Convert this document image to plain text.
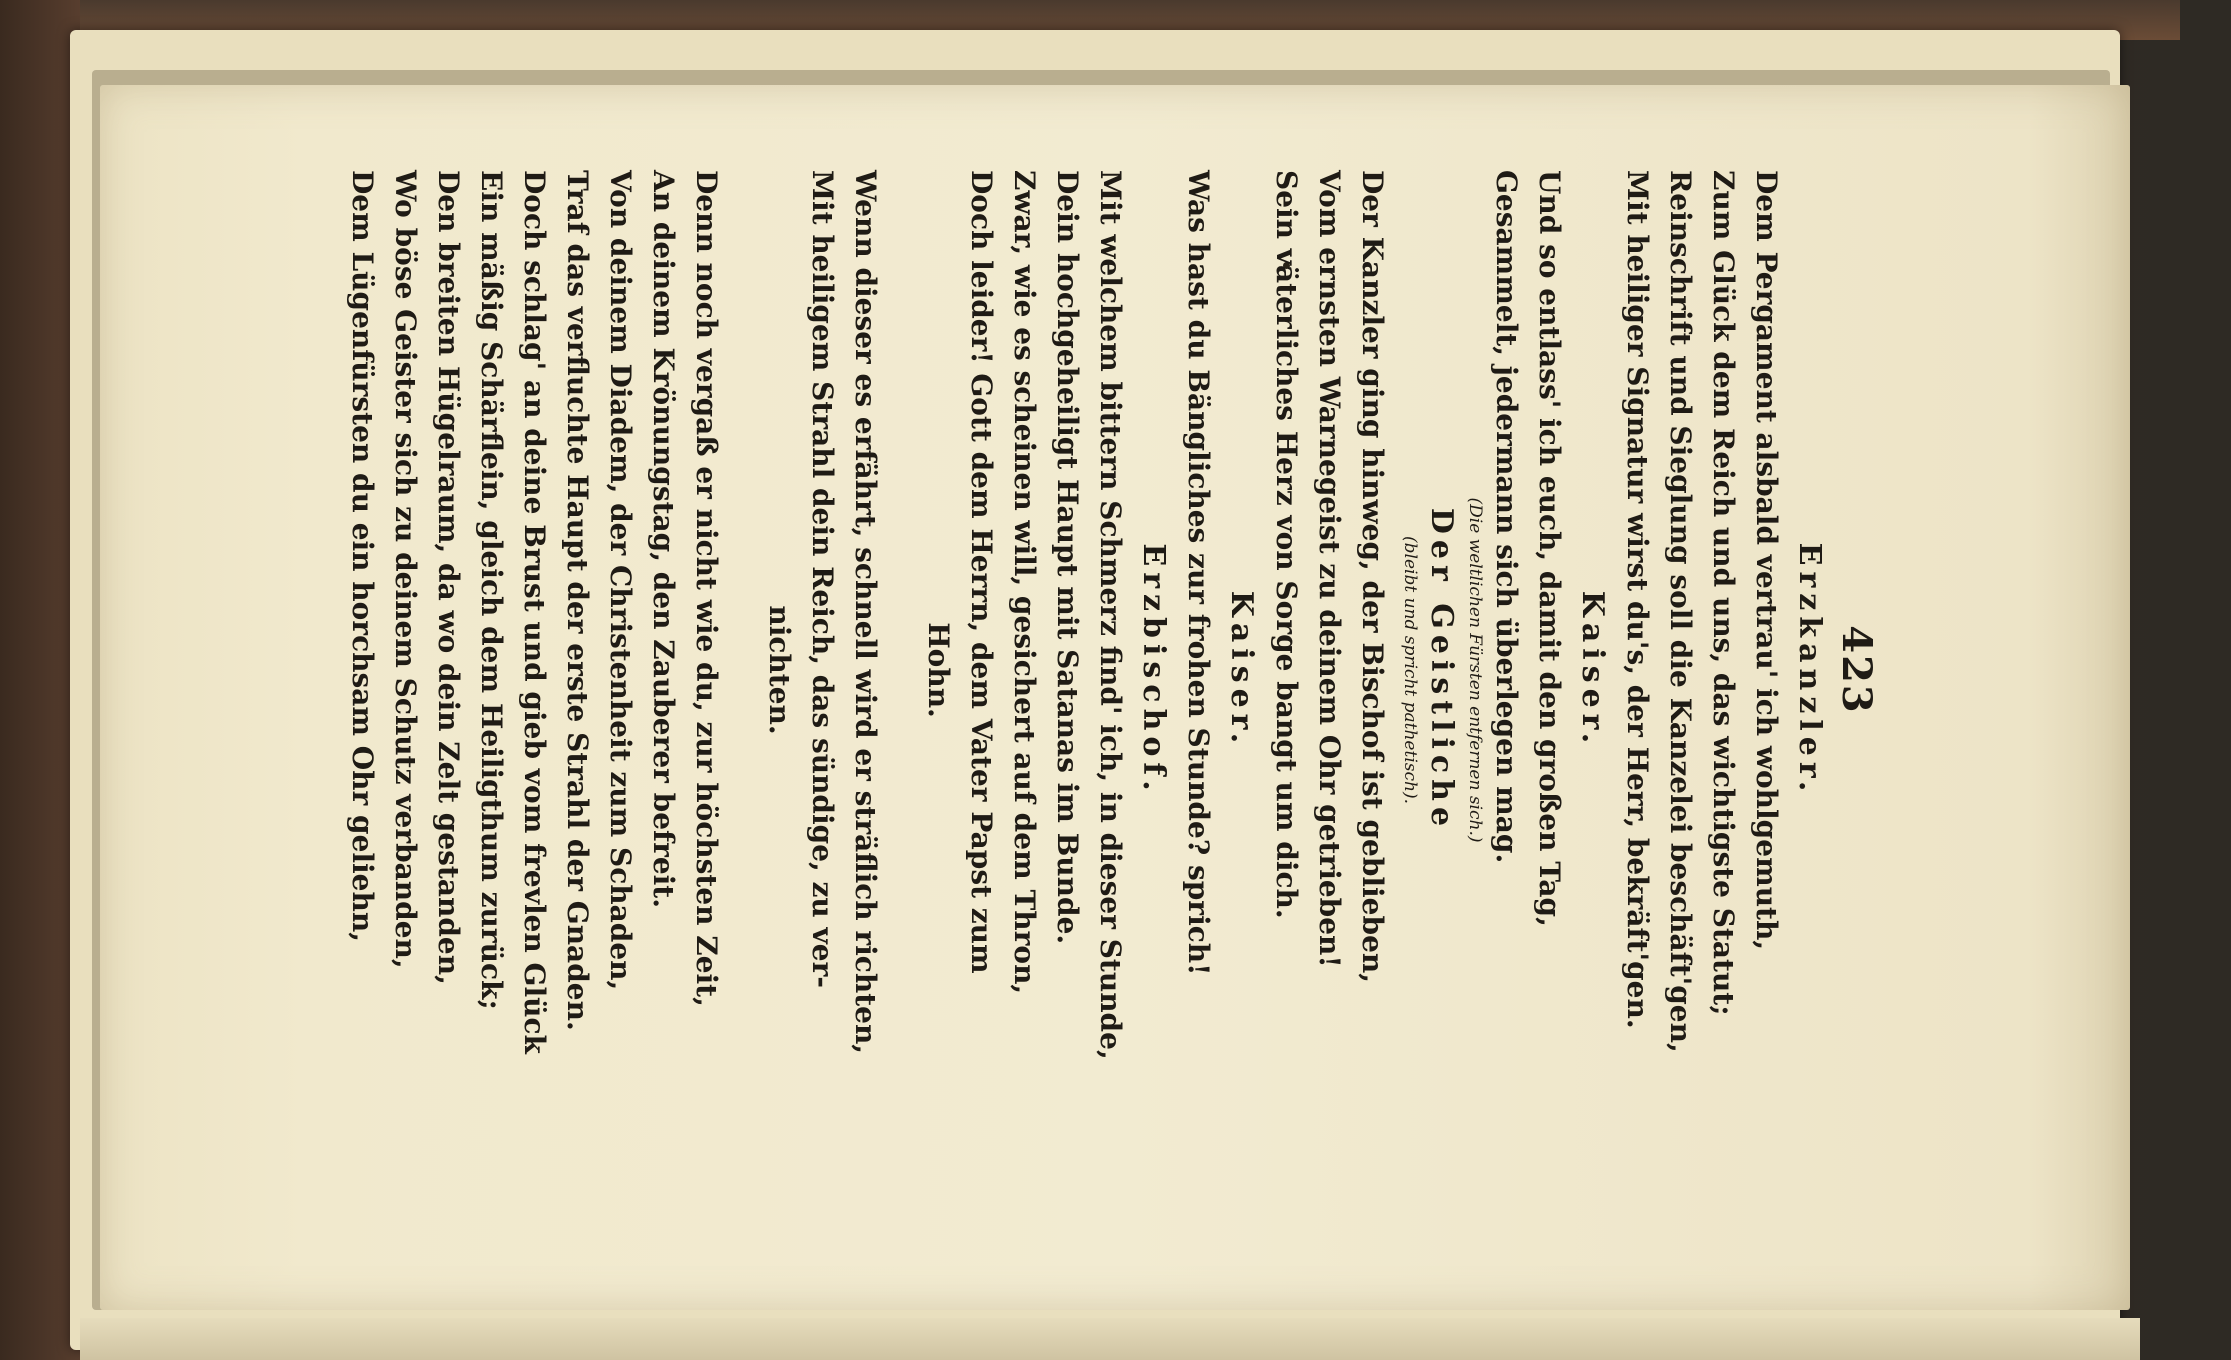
423
Erzkanzler.
Dem Pergament alsbald vertrau' ich wohlgemuth,
Zum Glück dem Reich und uns, das wichtigste Statut;
Reinschrift und Sieglung soll die Kanzelei beschäft'gen,
Mit heiliger Signatur wirst du's, der Herr, bekräft'gen.
Kaiser.
Und so entlass' ich euch, damit den großen Tag,
Gesammelt, jedermann sich überlegen mag.
(Die weltlichen Fürsten entfernen sich.)
Der Geistliche
(bleibt und spricht pathetisch).
Der Kanzler ging hinweg, der Bischof ist geblieben,
Vom ernsten Warnegeist zu deinem Ohr getrieben!
Sein väterliches Herz von Sorge bangt um dich.
Kaiser.
Was hast du Bängliches zur frohen Stunde? sprich!
Erzbischof.
Mit welchem bittern Schmerz find' ich, in dieser Stunde,
Dein hochgeheiligt Haupt mit Satanas im Bunde.
Zwar, wie es scheinen will, gesichert auf dem Thron,
Doch leider! Gott dem Herrn, dem Vater Papst zum
Hohn.
Wenn dieser es erfährt, schnell wird er sträflich richten,
Mit heiligem Strahl dein Reich, das sündige, zu ver-
nichten.
Denn noch vergaß er nicht wie du, zur höchsten Zeit,
An deinem Krönungstag, den Zauberer befreit.
Von deinem Diadem, der Christenheit zum Schaden,
Traf das verfluchte Haupt der erste Strahl der Gnaden.
Doch schlag' an deine Brust und gieb vom frevlen Glück
Ein mäßig Schärflein, gleich dem Heiligthum zurück;
Den breiten Hügelraum, da wo dein Zelt gestanden,
Wo böse Geister sich zu deinem Schutz verbanden,
Dem Lügenfürsten du ein horchsam Ohr geliehn,
